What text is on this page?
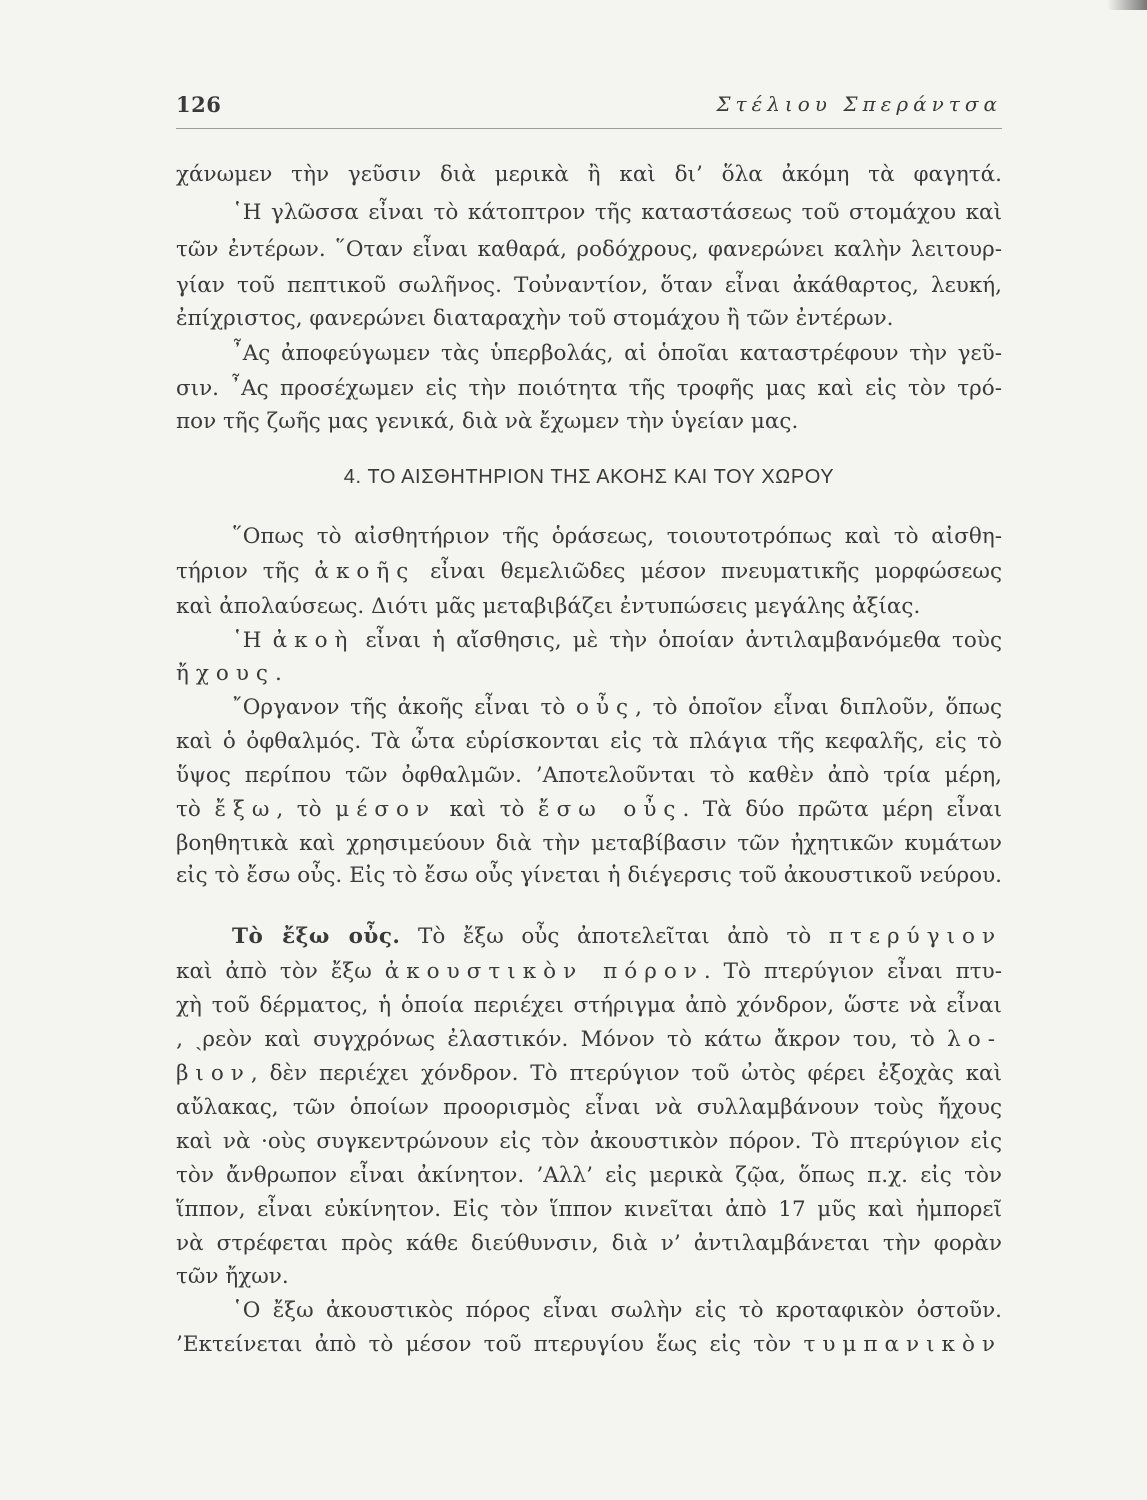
126	Στέλιου Σπεράντσα
χάνωμεν τὴν γεῦσιν διὰ μερικὰ ἢ καὶ δι’ ὅλα ἀκόμη τὰ φαγητά.
῾Η γλῶσσα εἶναι τὸ κάτοπτρον τῆς καταστάσεως τοῦ στομάχου καὶ
τῶν ἐντέρων. ῞Οταν εἶναι καθαρά, ροδόχρους, φανερώνει καλὴν λειτουρ-
γίαν τοῦ πεπτικοῦ σωλῆνος. Τοὐναντίον, ὅταν εἶναι ἀκάθαρτος, λευκή,
ἐπίχριστος, φανερώνει διαταραχὴν τοῦ στομάχου ἢ τῶν ἐντέρων.
῏Ας ἀποφεύγωμεν τὰς ὑπερβολάς, αἱ ὁποῖαι καταστρέφουν τὴν γεῦ-
σιν. ῏Ας προσέχωμεν εἰς τὴν ποιότητα τῆς τροφῆς μας καὶ εἰς τὸν τρό-
πον τῆς ζωῆς μας γενικά, διὰ νὰ ἔχωμεν τὴν ὑγείαν μας.
4. ΤΟ ΑΙΣΘΗΤΗΡΙΟΝ ΤΗΣ ΑΚΟΗΣ ΚΑΙ ΤΟΥ ΧΩΡΟΥ
῞Οπως τὸ αἰσθητήριον τῆς ὁράσεως, τοιουτοτρόπως καὶ τὸ αἰσθη-
τήριον τῆς ἀκοῆς εἶναι θεμελιῶδες μέσον πνευματικῆς μορφώσεως
καὶ ἀπολαύσεως. Διότι μᾶς μεταβιβάζει ἐντυπώσεις μεγάλης ἀξίας.
῾Η ἀκοὴ εἶναι ἡ αἴσθησις, μὲ τὴν ὁποίαν ἀντιλαμβανόμεθα τοὺς
ἤχους.
῎Οργανον τῆς ἀκοῆς εἶναι τὸ οὖς, τὸ ὁποῖον εἶναι διπλοῦν, ὅπως
καὶ ὁ ὀφθαλμός. Τὰ ὦτα εὑρίσκονται εἰς τὰ πλάγια τῆς κεφαλῆς, εἰς τὸ
ὕψος περίπου τῶν ὀφθαλμῶν. ’Αποτελοῦνται τὸ καθὲν ἀπὸ τρία μέρη,
τὸ ἔξω, τὸ μέσον καὶ τὸ ἔσω οὖς. Τὰ δύο πρῶτα μέρη εἶναι
βοηθητικὰ καὶ χρησιμεύουν διὰ τὴν μεταβίβασιν τῶν ἠχητικῶν κυμάτων
εἰς τὸ ἔσω οὖς. Εἰς τὸ ἔσω οὖς γίνεται ἡ διέγερσις τοῦ ἀκουστικοῦ νεύρου.
Τὸ ἔξω οὖς. Τὸ ἔξω οὖς ἀποτελεῖται ἀπὸ τὸ πτερύγιον
καὶ ἀπὸ τὸν ἔξω ἀκουστικὸν πόρον. Τὸ πτερύγιον εἶναι πτυ-
χὴ τοῦ δέρματος, ἡ ὁποία περιέχει στήριγμα ἀπὸ χόνδρον, ὥστε νὰ εἶναι
‚ ˏρεὸν καὶ συγχρόνως ἐλαστικόν. Μόνον τὸ κάτω ἄκρον του, τὸ λο-
βιον, δὲν περιέχει χόνδρον. Τὸ πτερύγιον τοῦ ὠτὸς φέρει ἐξοχὰς καὶ
αὔλακας, τῶν ὁποίων προορισμὸς εἶναι νὰ συλλαμβάνουν τοὺς ἤχους
καὶ νὰ ·οὺς συγκεντρώνουν εἰς τὸν ἀκουστικὸν πόρον. Τὸ πτερύγιον εἰς
τὸν ἄνθρωπον εἶναι ἀκίνητον. ’Αλλ’ εἰς μερικὰ ζῷα, ὅπως π.χ. εἰς τὸν
ἵππον, εἶναι εὐκίνητον. Εἰς τὸν ἵππον κινεῖται ἀπὸ 17 μῦς καὶ ἠμπορεῖ
νὰ στρέφεται πρὸς κάθε διεύθυνσιν, διὰ ν’ ἀντιλαμβάνεται τὴν φορὰν
τῶν ἤχων.
῾Ο ἔξω ἀκουστικὸς πόρος εἶναι σωλὴν εἰς τὸ κροταφικὸν ὀστοῦν.
’Εκτείνεται ἀπὸ τὸ μέσον τοῦ πτερυγίου ἕως εἰς τὸν τυμπανικὸν
